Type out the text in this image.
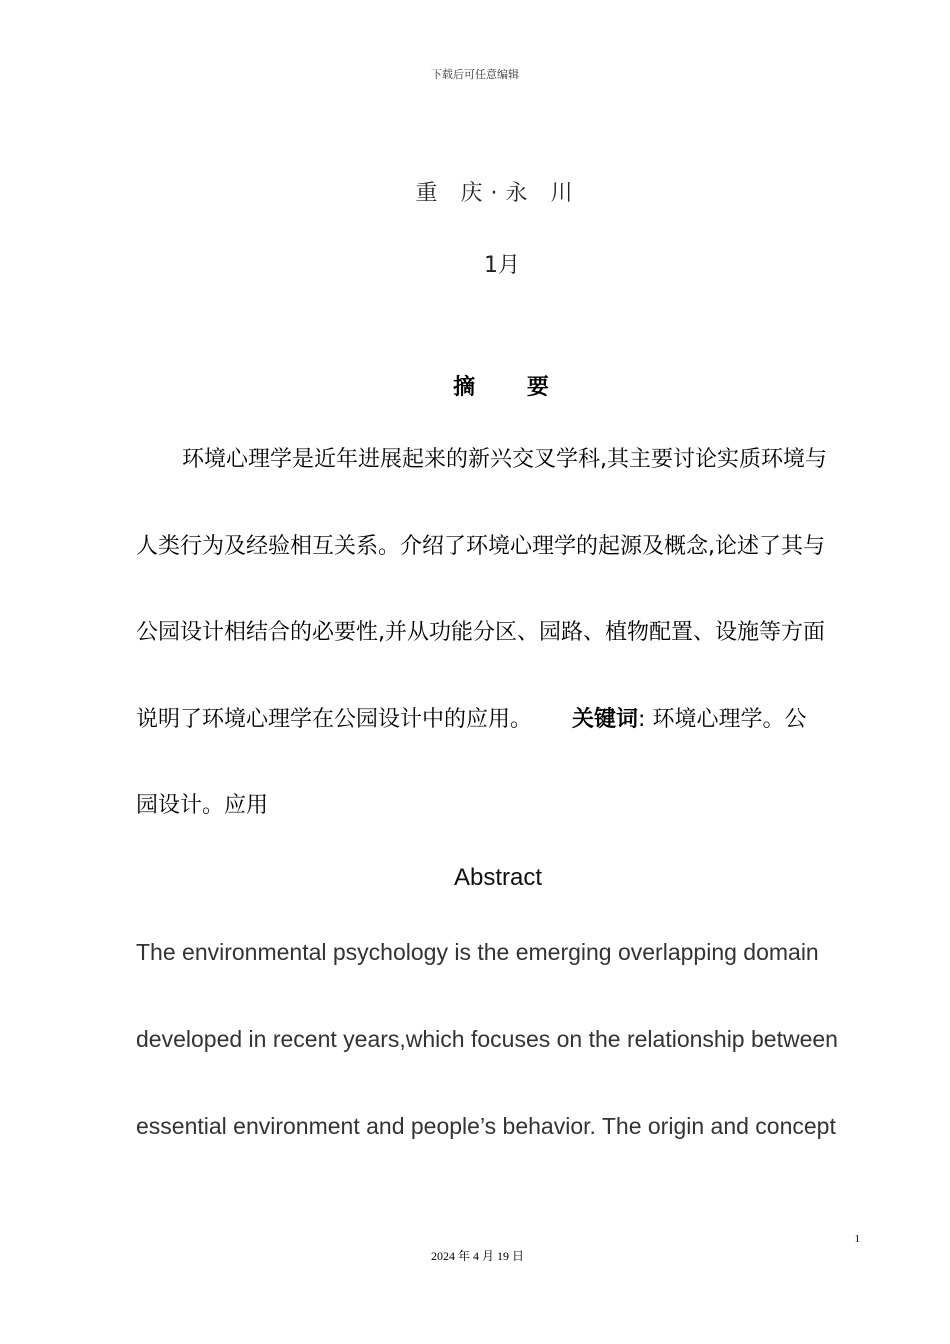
下载后可任意编辑
重 庆·永 川
1月
摘 要
环境心理学是近年进展起来的新兴交叉学科,其主要讨论实质环境与
人类行为及经验相互关系。介绍了环境心理学的起源及概念,论述了其与
公园设计相结合的必要性,并从功能分区、园路、植物配置、设施等方面
说明了环境心理学在公园设计中的应用。 关键词: 环境心理学。公
园设计。应用
Abstract
The environmental psychology is the emerging overlapping domain
developed in recent years,which focuses on the relationship between
essential environment and people’s behavior. The origin and concept
1
2024 年 4 月 19 日
